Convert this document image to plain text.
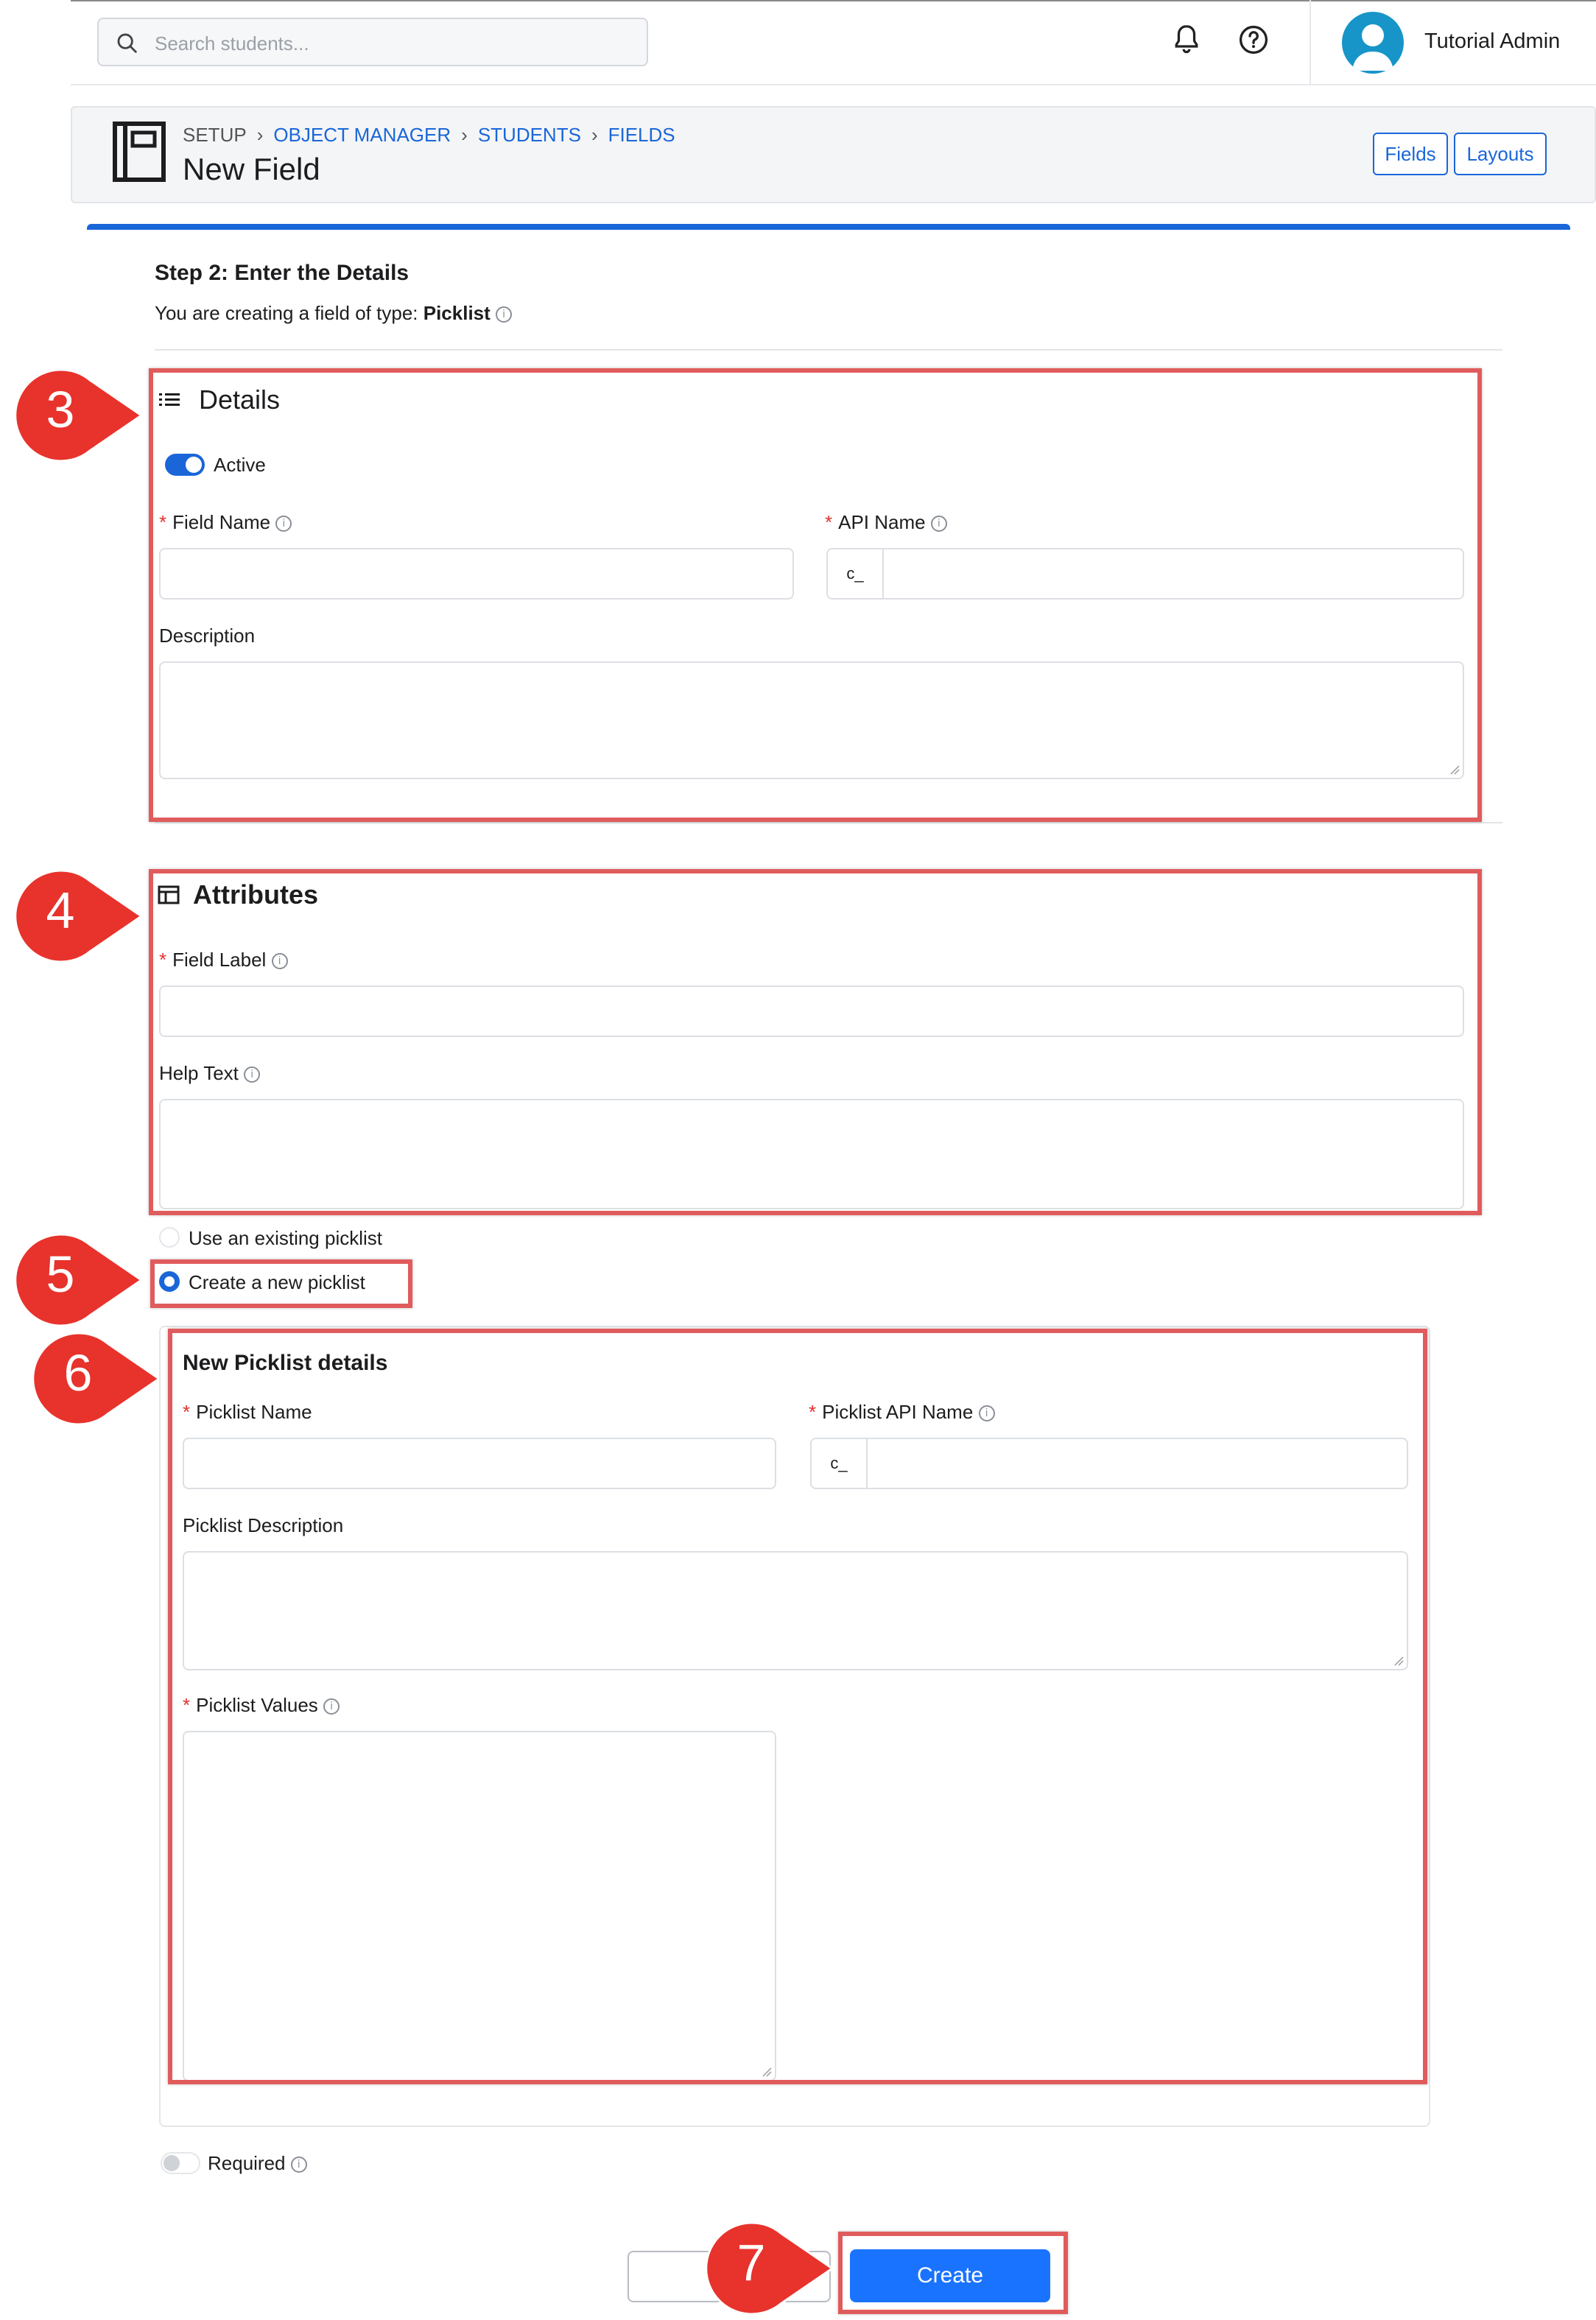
Search students...	Tutorial Admin
SETUP › OBJECT MANAGER › STUDENTS › FIELDS
New Field	Fields	Layouts
Step 2: Enter the Details
You are creating a field of type: Picklist i
Details
Active
* Field Name i	* API Name i
c_
Description
Attributes
* Field Label i
Help Text i
Use an existing picklist
Create a new picklist
New Picklist details
* Picklist Name	* Picklist API Name i
c_
Picklist Description
* Picklist Values i
Required i
Create
3
4
5
6
7
